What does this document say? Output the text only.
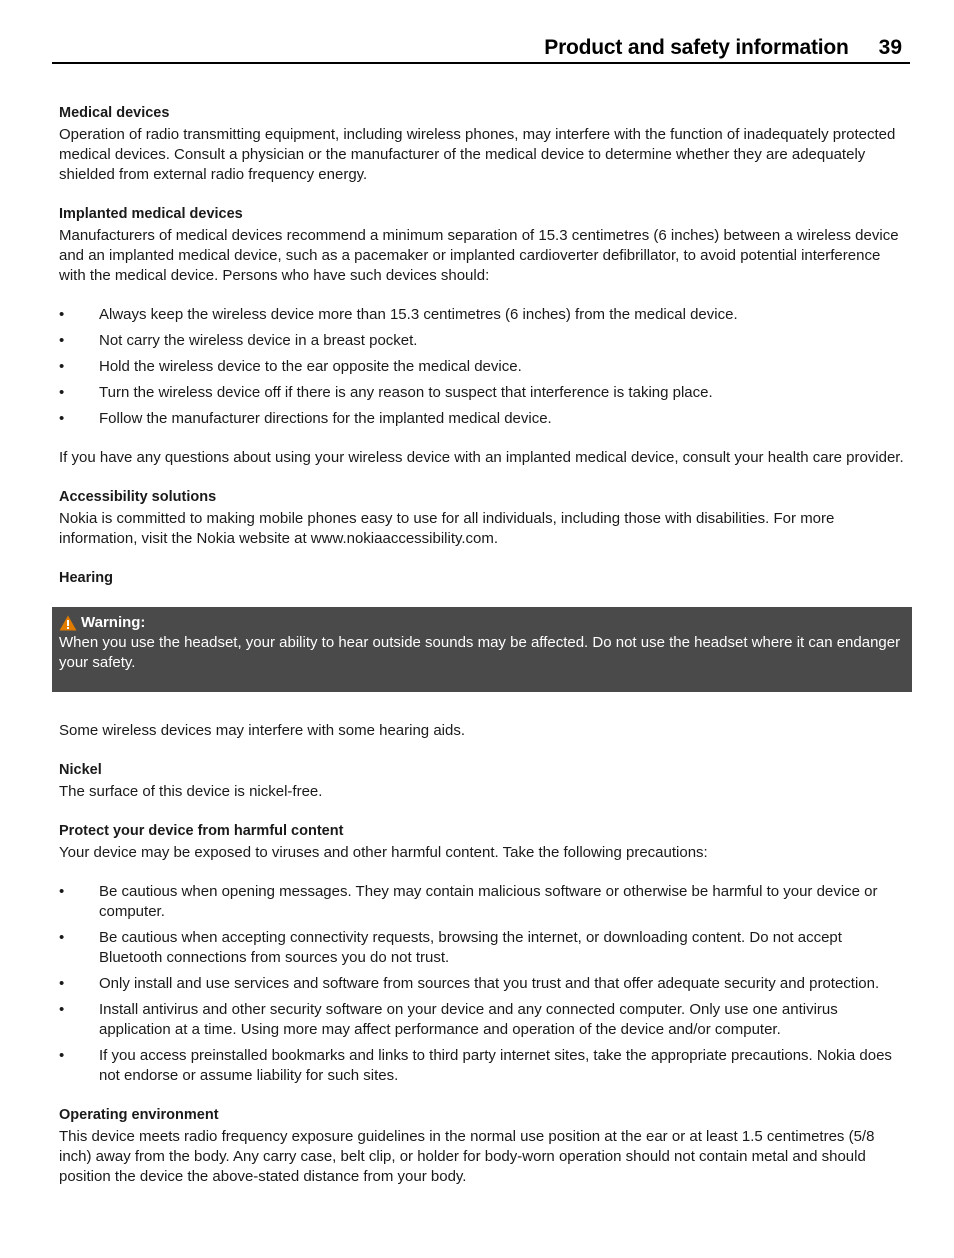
Product and safety information 39
Medical devices

Operation of radio transmitting equipment, including wireless phones, may interfere with the function of inadequately protected medical devices. Consult a physician or the manufacturer of the medical device to determine whether they are adequately shielded from external radio frequency energy.

Implanted medical devices

Manufacturers of medical devices recommend a minimum separation of 15.3 centimetres (6 inches) between a wireless device and an implanted medical device, such as a pacemaker or implanted cardioverter defibrillator, to avoid potential interference with the medical device. Persons who have such devices should:

• Always keep the wireless device more than 15.3 centimetres (6 inches) from the medical device.
• Not carry the wireless device in a breast pocket.
• Hold the wireless device to the ear opposite the medical device.
• Turn the wireless device off if there is any reason to suspect that interference is taking place.
• Follow the manufacturer directions for the implanted medical device.

If you have any questions about using your wireless device with an implanted medical device, consult your health care provider.

Accessibility solutions

Nokia is committed to making mobile phones easy to use for all individuals, including those with disabilities. For more information, visit the Nokia website at www.nokiaaccessibility.com.

Hearing
Warning:
When you use the headset, your ability to hear outside sounds may be affected. Do not use the headset where it can endanger your safety.

Some wireless devices may interfere with some hearing aids.

Nickel

The surface of this device is nickel-free.

Protect your device from harmful content

Your device may be exposed to viruses and other harmful content. Take the following precautions:

• Be cautious when opening messages. They may contain malicious software or otherwise be harmful to your device or computer.
• Be cautious when accepting connectivity requests, browsing the internet, or downloading content. Do not accept Bluetooth connections from sources you do not trust.
• Only install and use services and software from sources that you trust and that offer adequate security and protection.
• Install antivirus and other security software on your device and any connected computer. Only use one antivirus application at a time. Using more may affect performance and operation of the device and/or computer.
• If you access preinstalled bookmarks and links to third party internet sites, take the appropriate precautions. Nokia does not endorse or assume liability for such sites.
Operating environment

This device meets radio frequency exposure guidelines in the normal use position at the ear or at least 1.5 centimetres (5/8 inch) away from the body. Any carry case, belt clip, or holder for body-worn operation should not contain metal and should position the device the above-stated distance from your body.
